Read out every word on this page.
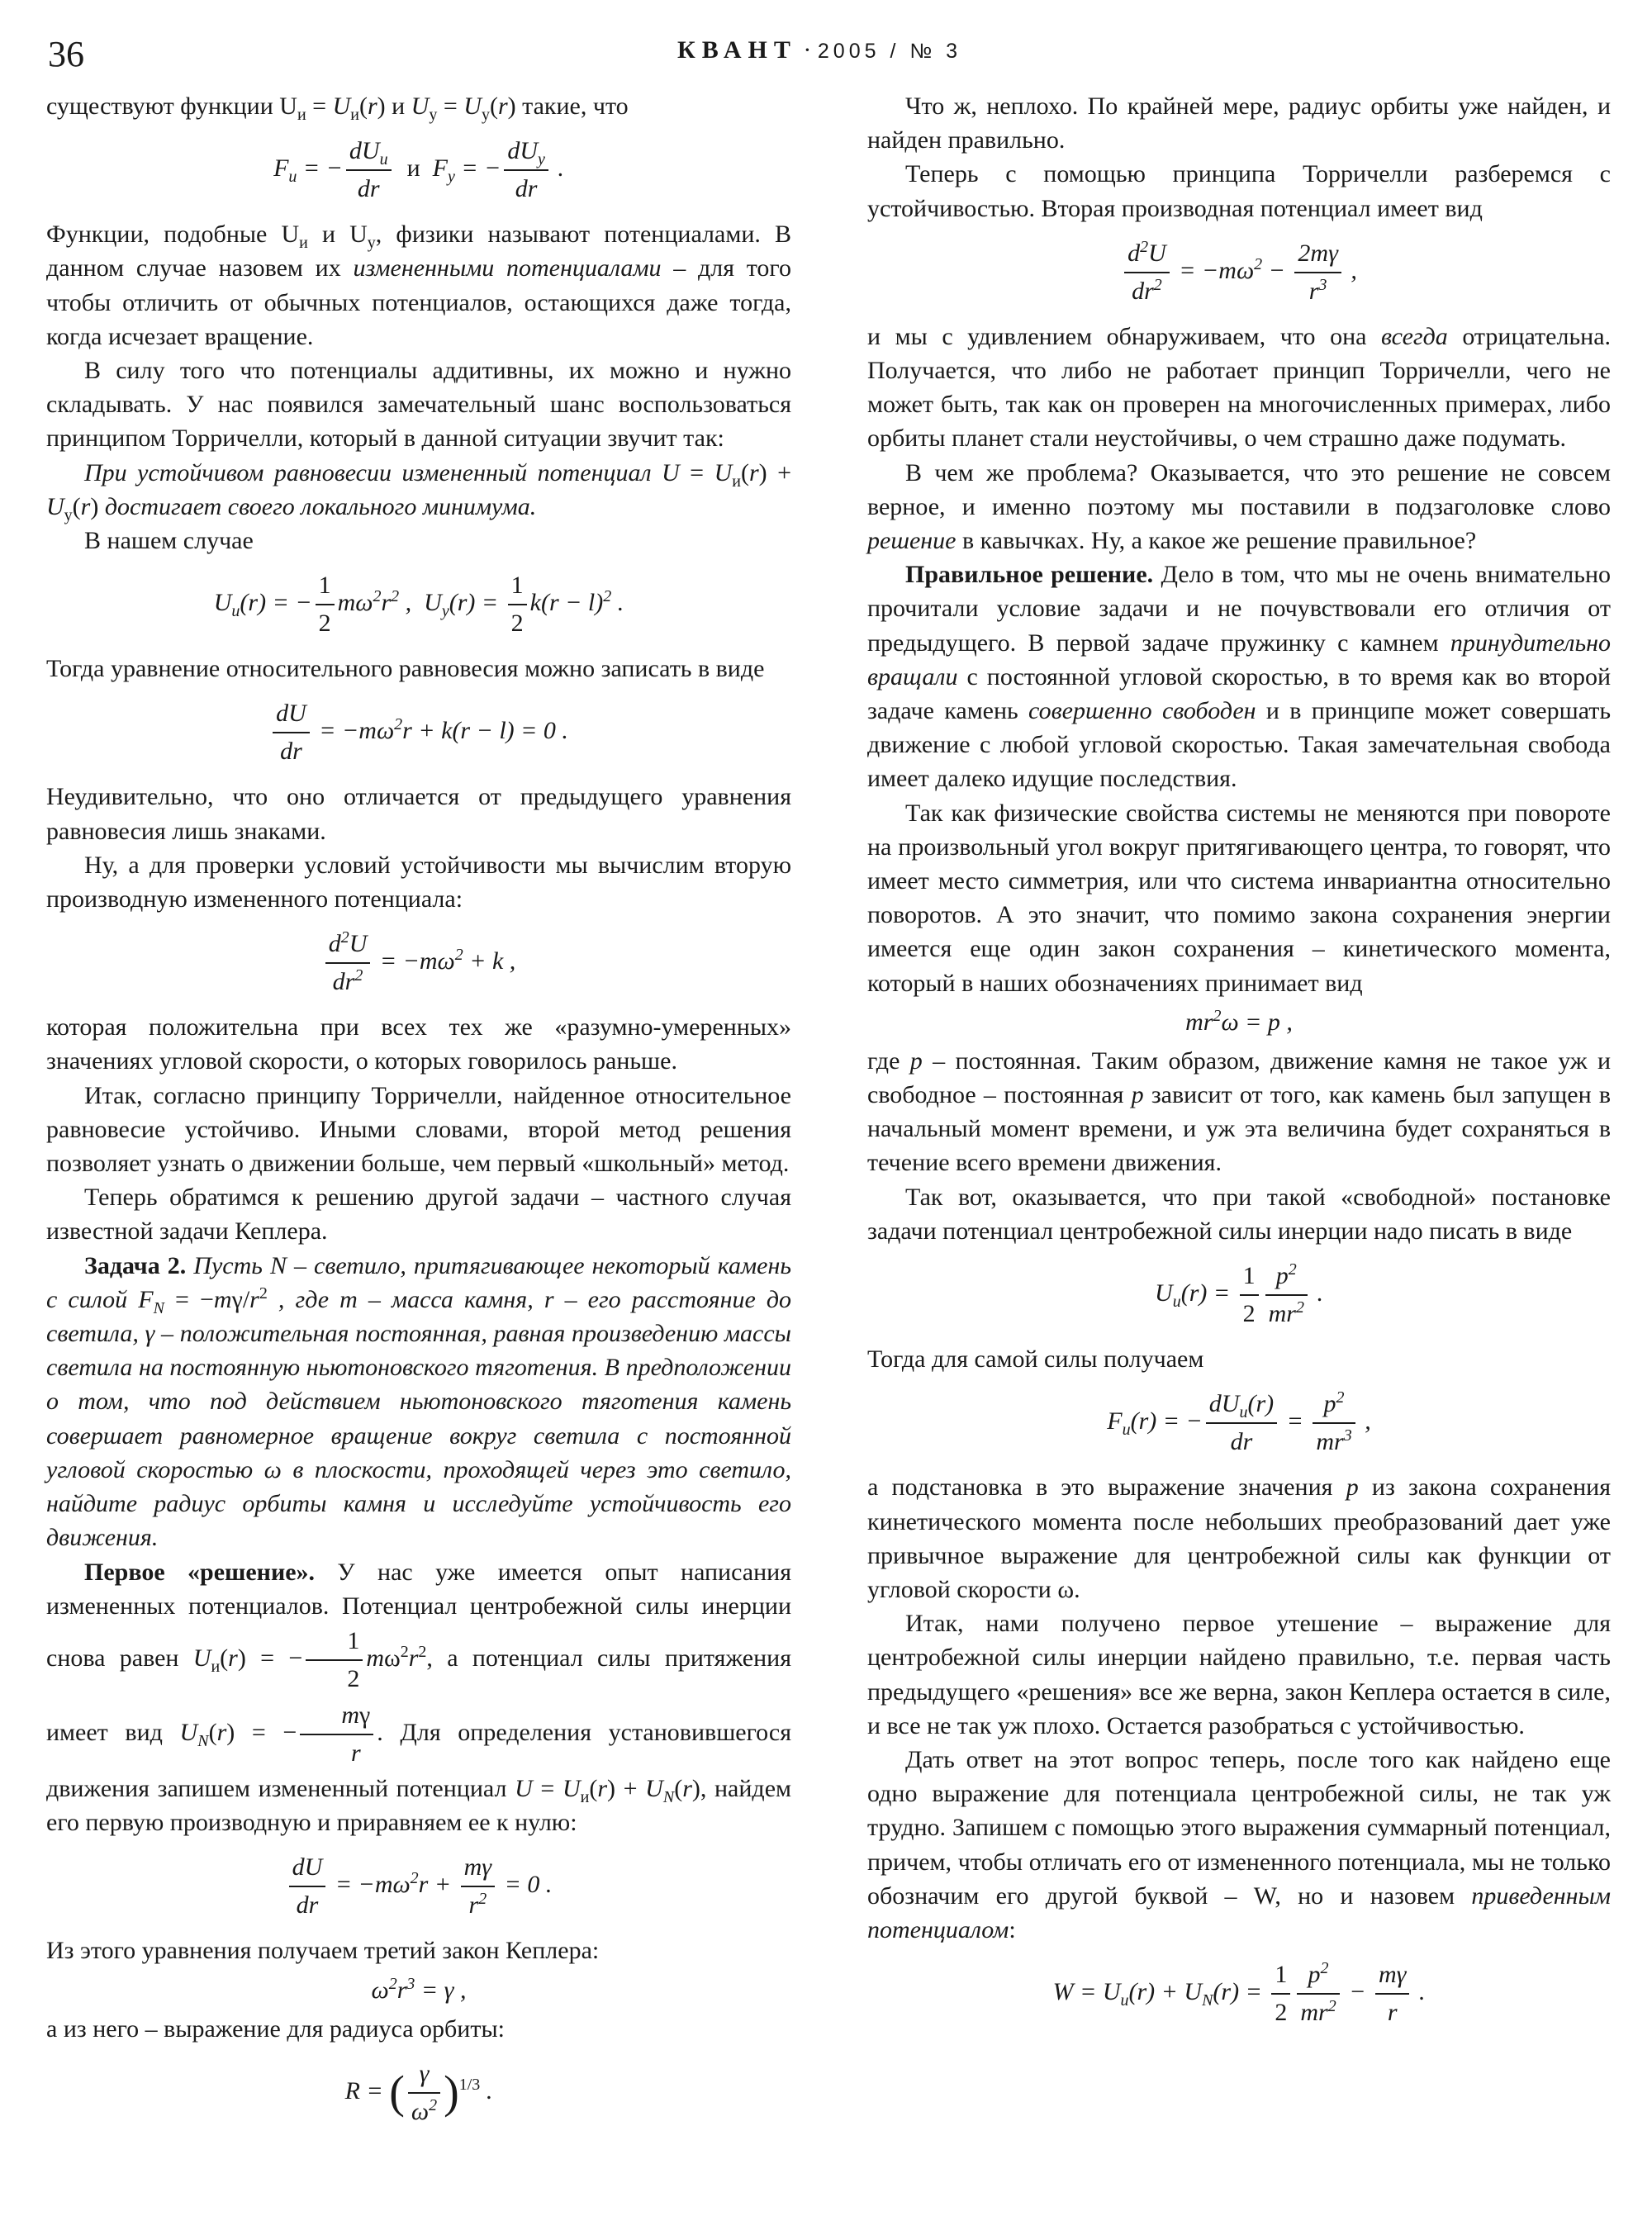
36	КВАНТ · 2005 / № 3

существуют функции $U_и = U_и(r)$ и $U_у = U_у(r)$ такие, что

$F_и$ = − $\frac{dU_и}{dr}$ и  $F_у$ = − $\frac{dU_у}{dr}$ .

Функции, подобные $U_и$ и $U_у$, физики называют потенциалами. В данном случае назовем их измененными потенциалами – для того чтобы отличить от обычных потенциалов, остающихся даже тогда, когда исчезает вращение.

В силу того что потенциалы аддитивны, их можно и нужно складывать. У нас появился замечательный шанс воспользоваться принципом Торричелли, который в данной ситуации звучит так:

При устойчивом равновесии измененный потенциал $U = U_и(r) + U_у(r)$ достигает своего локального минимума.

В нашем случае

$U_и(r)$ = − $\frac{1}{2} m\omega^2r^2$ ,  $U_у(r) = \frac{1}{2} k(r - l)^2$ .

Тогда уравнение относительного равновесия можно записать в виде

$\frac{dU}{dr} = -m\omega^2r + k(r - l) = 0$ .

Неудивительно, что оно отличается от предыдущего уравнения равновесия лишь знаками.

Ну, а для проверки условий устойчивости мы вычислим вторую производную измененного потенциала:

$\frac{d^2U}{dr^2} = -m\omega^2 + k$ ,

которая положительна при всех тех же «разумно-умеренных» значениях угловой скорости, о которых говорилось раньше.

Итак, согласно принципу Торричелли, найденное относительное равновесие устойчиво. Иными словами, второй метод решения позволяет узнать о движении больше, чем первый «школьный» метод.

Теперь обратимся к решению другой задачи – частного случая известной задачи Кеплера.

Задача 2. Пусть N – светило, притягивающее некоторый камень с силой $F_N = -m\gamma/r^2$ , где m – масса камня, r – его расстояние до светила, γ – положительная постоянная, равная произведению массы светила на постоянную ньютоновского тяготения. В предположении о том, что под действием ньютоновского тяготения камень совершает равномерное вращение вокруг светила с постоянной угловой скоростью ω в плоскости, проходящей через это светило, найдите радиус орбиты камня и исследуйте устойчивость его движения.

Первое «решение». У нас уже имеется опыт написания измененных потенциалов. Потенциал центробежной силы инерции снова равен $U_и(r)$ = − $\frac{1}{2} m\omega^2r^2$, а потенциал силы притяжения имеет вид $U_N(r)$ = − $\frac{m\gamma}{r}$ . Для определения установившегося движения запишем измененный потенциал $U = U_и(r) + U_N(r)$, найдем его первую производную и приравняем ее к нулю:

$\frac{dU}{dr} = -m\omega^2r + \frac{m\gamma}{r^2} = 0$ .

Из этого уравнения получаем третий закон Кеплера:

$\omega^2r^3 = \gamma$ ,

а из него – выражение для радиуса орбиты:

R = ( $\frac{\gamma}{\omega^2} )^{1/3}$ .

Что ж, неплохо. По крайней мере, радиус орбиты уже найден, и найден правильно.

Теперь с помощью принципа Торричелли разберемся с устойчивостью. Вторая производная потенциал имеет вид

$\frac{d^2U}{dr^2} = -m\omega^2 - \frac{2m\gamma}{r^3}$ ,

и мы с удивлением обнаруживаем, что она всегда отрицательна. Получается, что либо не работает принцип Торричелли, чего не может быть, так как он проверен на многочисленных примерах, либо орбиты планет стали неустойчивы, о чем страшно даже подумать.

В чем же проблема? Оказывается, что это решение не совсем верное, и именно поэтому мы поставили в подзаголовке слово решение в кавычках. Ну, а какое же решение правильное?

Правильное решение. Дело в том, что мы не очень внимательно прочитали условие задачи и не почувствовали его отличия от предыдущего. В первой задаче пружинку с камнем принудительно вращали с постоянной угловой скоростью, в то время как во второй задаче камень совершенно свободен и в принципе может совершать движение с любой угловой скоростью. Такая замечательная свобода имеет далеко идущие последствия.

Так как физические свойства системы не меняются при повороте на произвольный угол вокруг притягивающего центра, то говорят, что имеет место симметрия, или что система инвариантна относительно поворотов. А это значит, что помимо закона сохранения энергии имеется еще один закон сохранения – кинетического момента, который в наших обозначениях принимает вид

$mr^2\omega = p$ ,

где p – постоянная. Таким образом, движение камня не такое уж и свободное – постоянная p зависит от того, как камень был запущен в начальный момент времени, и уж эта величина будет сохраняться в течение всего времени движения.

Так вот, оказывается, что при такой «свободной» постановке задачи потенциал центробежной силы инерции надо писать в виде

$U_и(r) = \frac{1}{2} \frac{p^2}{mr^2}$ .

Тогда для самой силы получаем

$F_и(r)$ = − $\frac{dU_и(r)}{dr} = \frac{p^2}{mr^3}$ ,

а подстановка в это выражение значения p из закона сохранения кинетического момента после небольших преобразований дает уже привычное выражение для центробежной силы как функции от угловой скорости ω.

Итак, нами получено первое утешение – выражение для центробежной силы инерции найдено правильно, т.е. первая часть предыдущего «решения» все же верна, закон Кеплера остается в силе, и все не так уж плохо. Остается разобраться с устойчивостью.

Дать ответ на этот вопрос теперь, после того как найдено еще одно выражение для потенциала центробежной силы, не так уж трудно. Запишем с помощью этого выражения суммарный потенциал, причем, чтобы отличать его от измененного потенциала, мы не только обозначим его другой буквой – W, но и назовем приведенным потенциалом:

$W = U_и(r) + U_N(r) = \frac{1}{2} \frac{p^2}{mr^2} - \frac{m\gamma}{r}$ .
